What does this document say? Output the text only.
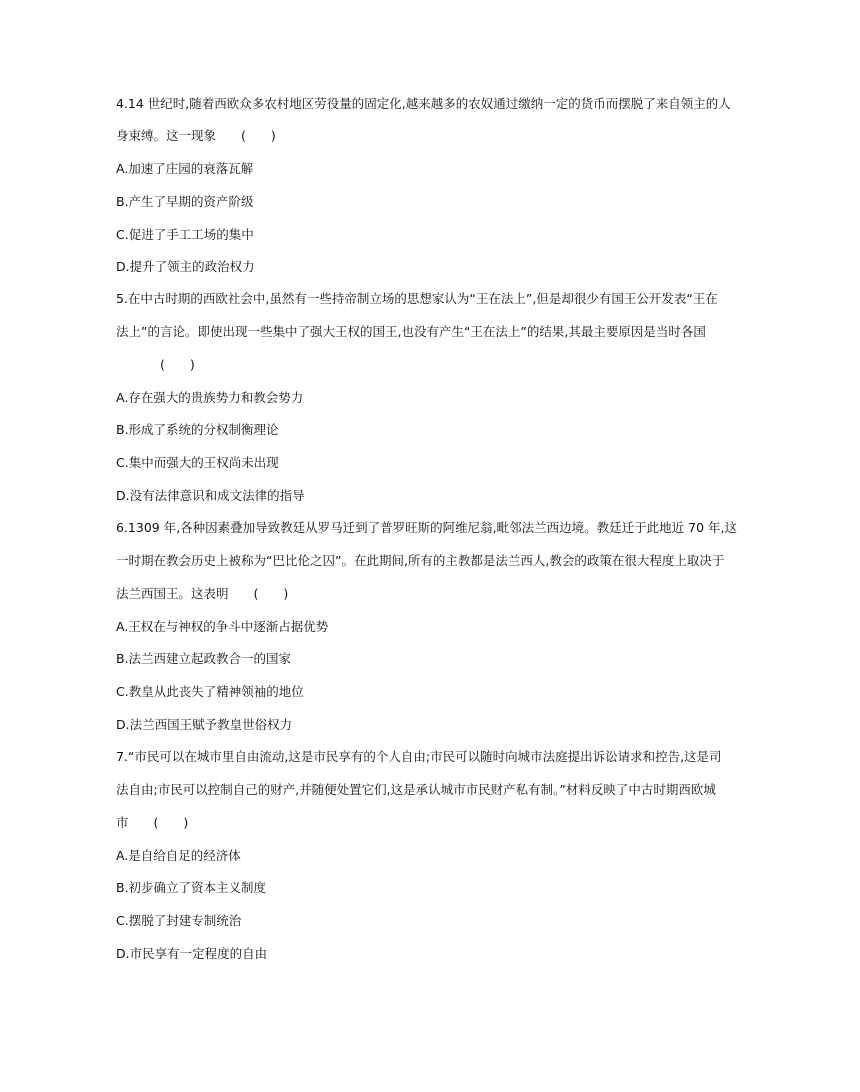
4.14 世纪时,随着西欧众多农村地区劳役量的固定化,越来越多的农奴通过缴纳一定的货币而摆脱了来自领主的人
身束缚。这一现象　　(　　)
A.加速了庄园的衰落瓦解
B.产生了早期的资产阶级
C.促进了手工工场的集中
D.提升了领主的政治权力
5.在中古时期的西欧社会中,虽然有一些持帝制立场的思想家认为“王在法上”,但是却很少有国王公开发表“王在
法上”的言论。即使出现一些集中了强大王权的国王,也没有产生“王在法上”的结果,其最主要原因是当时各国
(　　)
A.存在强大的贵族势力和教会势力
B.形成了系统的分权制衡理论
C.集中而强大的王权尚未出现
D.没有法律意识和成文法律的指导
6.1309 年,各种因素叠加导致教廷从罗马迁到了普罗旺斯的阿维尼翁,毗邻法兰西边境。教廷迁于此地近 70 年,这
一时期在教会历史上被称为“巴比伦之囚”。在此期间,所有的主教都是法兰西人,教会的政策在很大程度上取决于
法兰西国王。这表明　　(　　)
A.王权在与神权的争斗中逐渐占据优势
B.法兰西建立起政教合一的国家
C.教皇从此丧失了精神领袖的地位
D.法兰西国王赋予教皇世俗权力
7.“市民可以在城市里自由流动,这是市民享有的个人自由;市民可以随时向城市法庭提出诉讼请求和控告,这是司
法自由;市民可以控制自己的财产,并随便处置它们,这是承认城市市民财产私有制。”材料反映了中古时期西欧城
市　　(　　)
A.是自给自足的经济体
B.初步确立了资本主义制度
C.摆脱了封建专制统治
D.市民享有一定程度的自由
